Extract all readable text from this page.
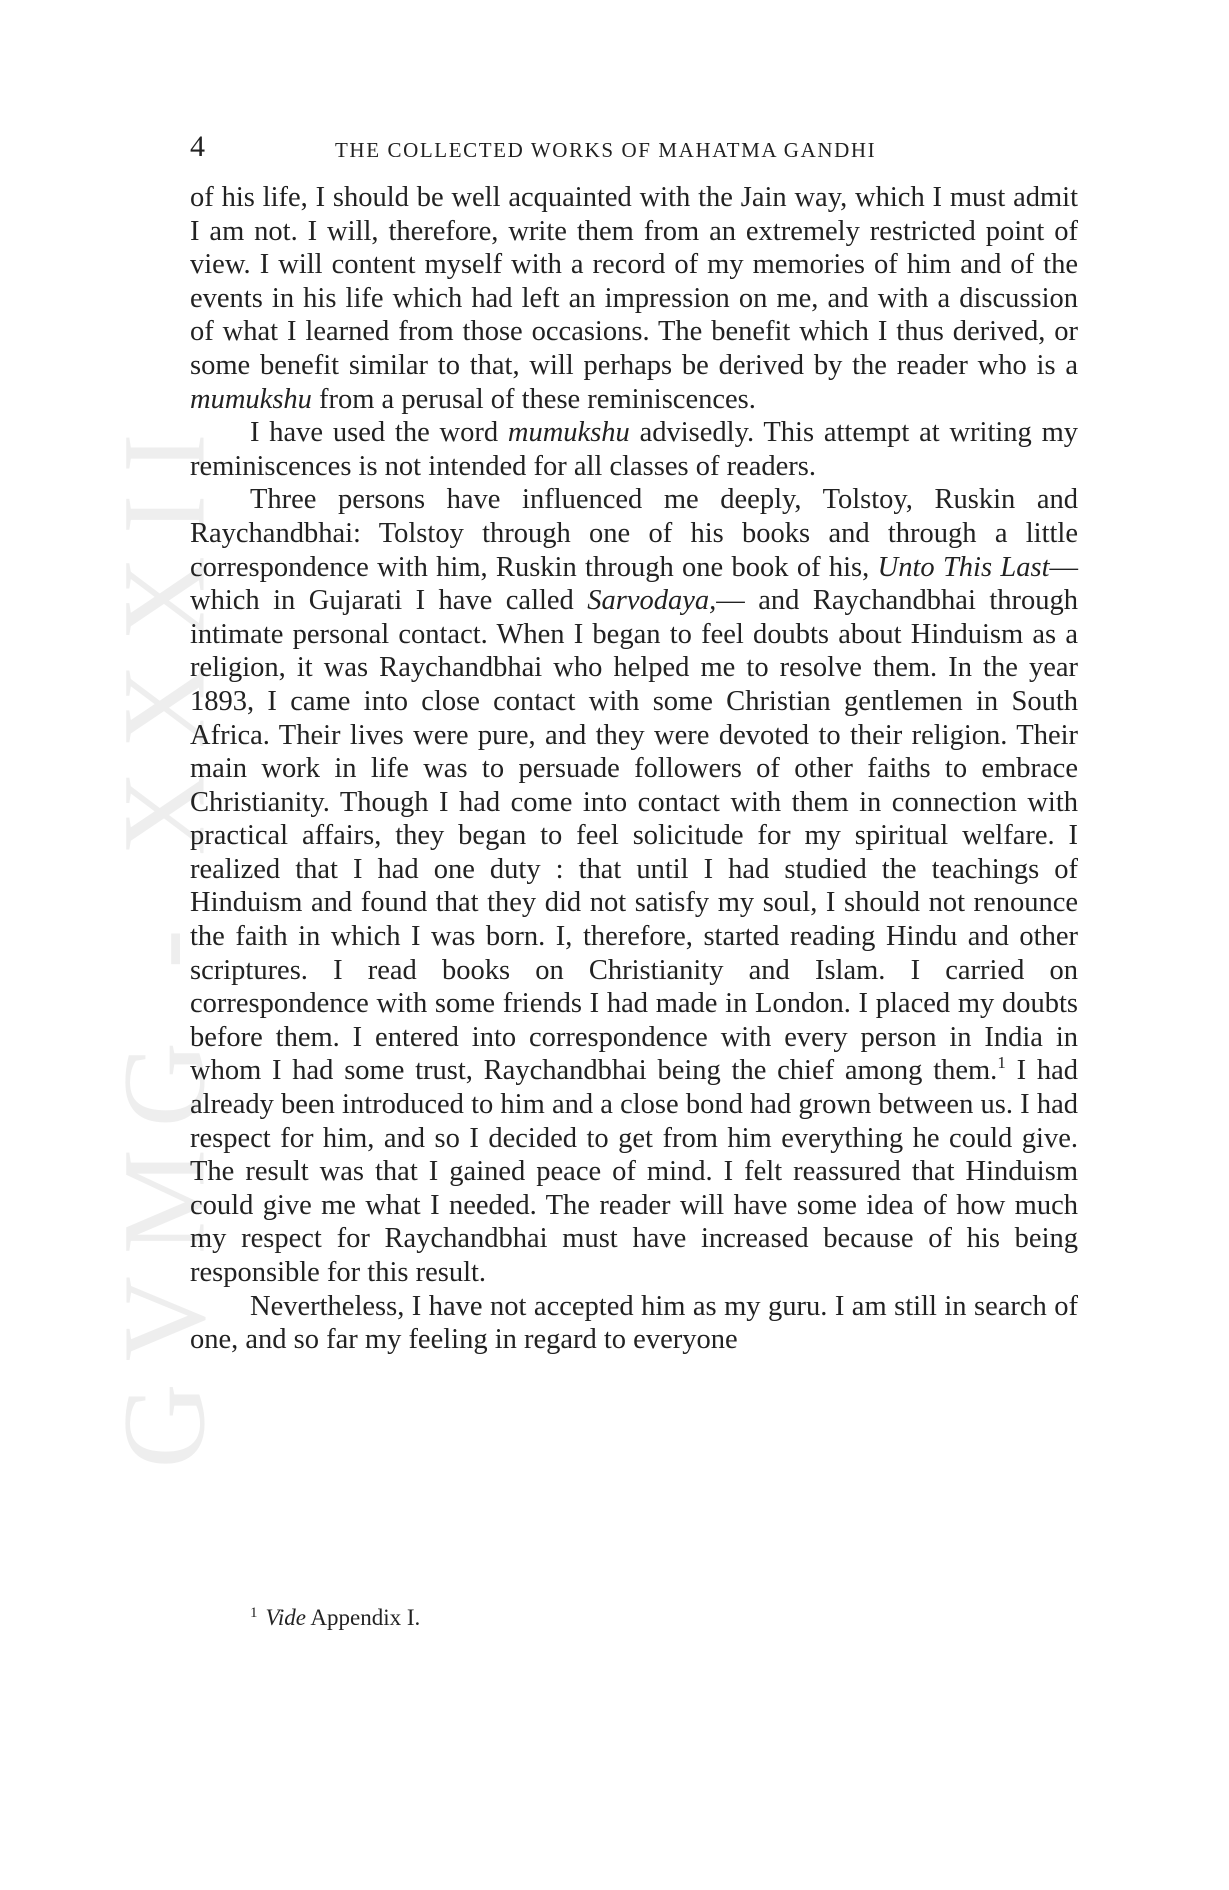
GVMG - XXXII
4	THE COLLECTED WORKS OF MAHATMA GANDHI

of his life, I should be well acquainted with the Jain way, which I must admit I am not. I will, therefore, write them from an extremely restricted point of view. I will content myself with a record of my memories of him and of the events in his life which had left an impression on me, and with a discussion of what I learned from those occasions. The benefit which I thus derived, or some benefit similar to that, will perhaps be derived by the reader who is a mumukshu from a perusal of these reminiscences.

I have used the word mumukshu advisedly. This attempt at writing my reminiscences is not intended for all classes of readers.

Three persons have influenced me deeply, Tolstoy, Ruskin and Raychandbhai: Tolstoy through one of his books and through a little correspondence with him, Ruskin through one book of his, Unto This Last—which in Gujarati I have called Sarvodaya,— and Raychandbhai through intimate personal contact. When I began to feel doubts about Hinduism as a religion, it was Raychandbhai who helped me to resolve them. In the year 1893, I came into close contact with some Christian gentlemen in South Africa. Their lives were pure, and they were devoted to their religion. Their main work in life was to persuade followers of other faiths to embrace Christianity. Though I had come into contact with them in connection with practical affairs, they began to feel solicitude for my spiritual welfare. I realized that I had one duty : that until I had studied the teachings of Hinduism and found that they did not satisfy my soul, I should not renounce the faith in which I was born. I, therefore, started reading Hindu and other scriptures. I read books on Christianity and Islam. I carried on correspondence with some friends I had made in London. I placed my doubts before them. I entered into correspondence with every person in India in whom I had some trust, Raychandbhai being the chief among them.$^1$ I had already been introduced to him and a close bond had grown between us. I had respect for him, and so I decided to get from him everything he could give. The result was that I gained peace of mind. I felt reassured that Hinduism could give me what I needed. The reader will have some idea of how much my respect for Raychandbhai must have increased because of his being responsible for this result.

Nevertheless, I have not accepted him as my guru. I am still in search of one, and so far my feeling in regard to everyone

$^1$ Vide Appendix I.
